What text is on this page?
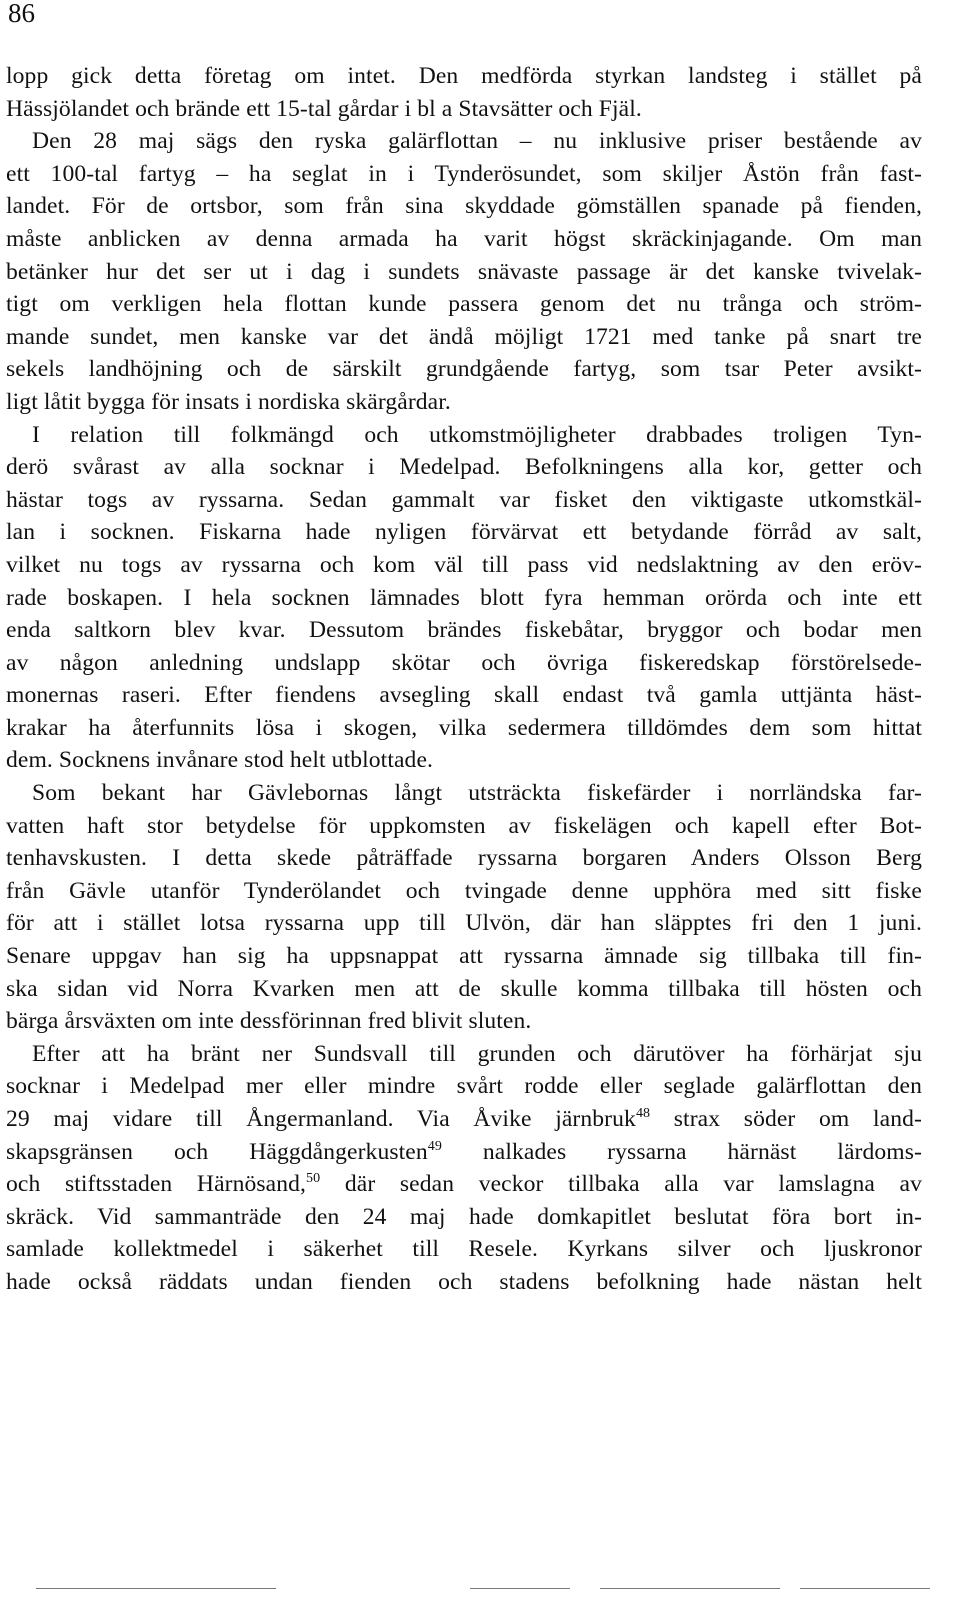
86
lopp gick detta företag om intet. Den medförda styrkan landsteg i stället på
Hässjölandet och brände ett 15-tal gårdar i bl a Stavsätter och Fjäl.
Den 28 maj sägs den ryska galärflottan – nu inklusive priser bestående av
ett 100-tal fartyg – ha seglat in i Tynderösundet, som skiljer Åstön från fast-
landet. För de ortsbor, som från sina skyddade gömställen spanade på fienden,
måste anblicken av denna armada ha varit högst skräckinjagande. Om man
betänker hur det ser ut i dag i sundets snävaste passage är det kanske tvivelak-
tigt om verkligen hela flottan kunde passera genom det nu trånga och ström-
mande sundet, men kanske var det ändå möjligt 1721 med tanke på snart tre
sekels landhöjning och de särskilt grundgående fartyg, som tsar Peter avsikt-
ligt låtit bygga för insats i nordiska skärgårdar.
I relation till folkmängd och utkomstmöjligheter drabbades troligen Tyn-
derö svårast av alla socknar i Medelpad. Befolkningens alla kor, getter och
hästar togs av ryssarna. Sedan gammalt var fisket den viktigaste utkomstkäl-
lan i socknen. Fiskarna hade nyligen förvärvat ett betydande förråd av salt,
vilket nu togs av ryssarna och kom väl till pass vid nedslaktning av den eröv-
rade boskapen. I hela socknen lämnades blott fyra hemman orörda och inte ett
enda saltkorn blev kvar. Dessutom brändes fiskebåtar, bryggor och bodar men
av någon anledning undslapp skötar och övriga fiskeredskap förstörelsede-
monernas raseri. Efter fiendens avsegling skall endast två gamla uttjänta häst-
krakar ha återfunnits lösa i skogen, vilka sedermera tilldömdes dem som hittat
dem. Socknens invånare stod helt utblottade.
Som bekant har Gävlebornas långt utsträckta fiskefärder i norrländska far-
vatten haft stor betydelse för uppkomsten av fiskelägen och kapell efter Bot-
tenhavskusten. I detta skede påträffade ryssarna borgaren Anders Olsson Berg
från Gävle utanför Tynderölandet och tvingade denne upphöra med sitt fiske
för att i stället lotsa ryssarna upp till Ulvön, där han släpptes fri den 1 juni.
Senare uppgav han sig ha uppsnappat att ryssarna ämnade sig tillbaka till fin-
ska sidan vid Norra Kvarken men att de skulle komma tillbaka till hösten och
bärga årsväxten om inte dessförinnan fred blivit sluten.
Efter att ha bränt ner Sundsvall till grunden och därutöver ha förhärjat sju
socknar i Medelpad mer eller mindre svårt rodde eller seglade galärflottan den
29 maj vidare till Ångermanland. Via Åvike järnbruk$^{48}$ strax söder om land-
skapsgränsen och Häggdångerkusten$^{49}$ nalkades ryssarna härnäst lärdoms-
och stiftsstaden Härnösand,$^{50}$ där sedan veckor tillbaka alla var lamslagna av
skräck. Vid sammanträde den 24 maj hade domkapitlet beslutat föra bort in-
samlade kollektmedel i säkerhet till Resele. Kyrkans silver och ljuskronor
hade också räddats undan fienden och stadens befolkning hade nästan helt
